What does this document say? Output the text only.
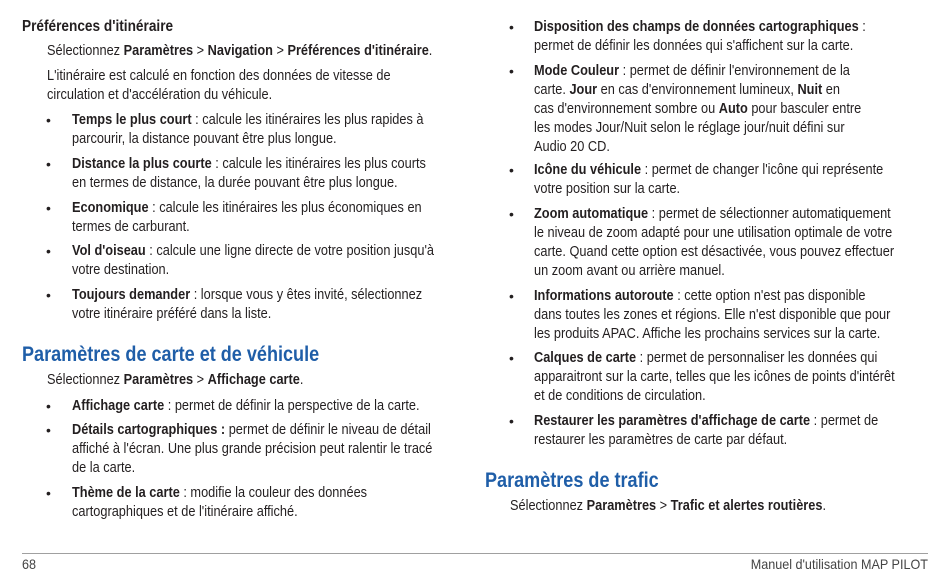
Préférences d'itinéraire
Sélectionnez Paramètres > Navigation > Préférences d'itinéraire.
L'itinéraire est calculé en fonction des données de vitesse de
circulation et d'accélération du véhicule.
• Temps le plus court : calcule les itinéraires les plus rapides à
parcourir, la distance pouvant être plus longue.
• Distance la plus courte : calcule les itinéraires les plus courts
en termes de distance, la durée pouvant être plus longue.
• Economique : calcule les itinéraires les plus économiques en
termes de carburant.
• Vol d'oiseau : calcule une ligne directe de votre position jusqu'à
votre destination.
• Toujours demander : lorsque vous y êtes invité, sélectionnez
votre itinéraire préféré dans la liste.
Paramètres de carte et de véhicule
Sélectionnez Paramètres > Affichage carte.
• Affichage carte : permet de définir la perspective de la carte.
• Détails cartographiques : permet de définir le niveau de détail
affiché à l'écran. Une plus grande précision peut ralentir le tracé
de la carte.
• Thème de la carte : modifie la couleur des données
cartographiques et de l'itinéraire affiché.
• Disposition des champs de données cartographiques :
permet de définir les données qui s'affichent sur la carte.
• Mode Couleur : permet de définir l'environnement de la
carte. Jour en cas d'environnement lumineux, Nuit en
cas d'environnement sombre ou Auto pour basculer entre
les modes Jour/Nuit selon le réglage jour/nuit défini sur
Audio 20 CD.
• Icône du véhicule : permet de changer l'icône qui représente
votre position sur la carte.
• Zoom automatique : permet de sélectionner automatiquement
le niveau de zoom adapté pour une utilisation optimale de votre
carte. Quand cette option est désactivée, vous pouvez effectuer
un zoom avant ou arrière manuel.
• Informations autoroute : cette option n'est pas disponible
dans toutes les zones et régions. Elle n'est disponible que pour
les produits APAC. Affiche les prochains services sur la carte.
• Calques de carte : permet de personnaliser les données qui
apparaitront sur la carte, telles que les icônes de points d'intérêt
et de conditions de circulation.
• Restaurer les paramètres d'affichage de carte : permet de
restaurer les paramètres de carte par défaut.
Paramètres de trafic
Sélectionnez Paramètres > Trafic et alertes routières.
68	Manuel d'utilisation MAP PILOT
